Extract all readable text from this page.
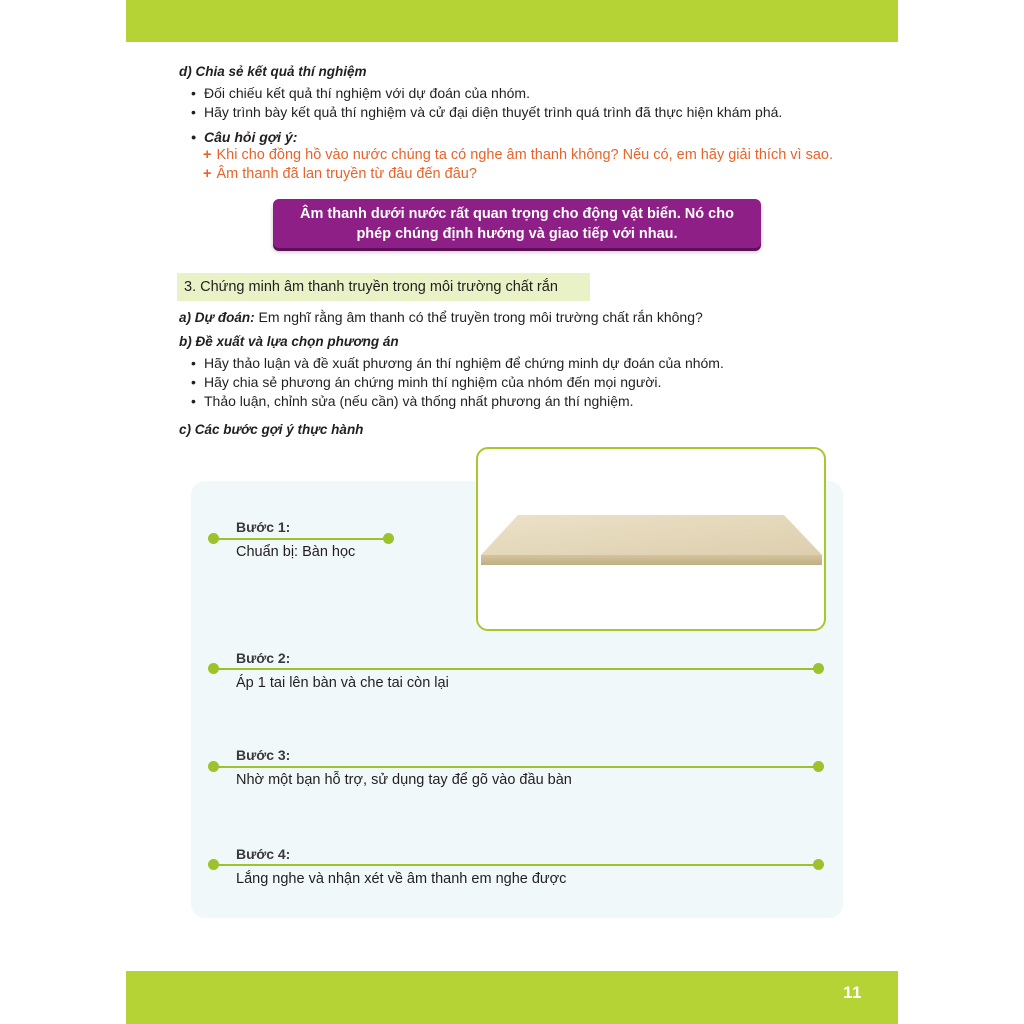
d) Chia sẻ kết quả thí nghiệm
• Đối chiếu kết quả thí nghiệm với dự đoán của nhóm.
• Hãy trình bày kết quả thí nghiệm và cử đại diện thuyết trình quá trình đã thực hiện khám phá.
• Câu hỏi gợi ý:
+ Khi cho đồng hồ vào nước chúng ta có nghe âm thanh không? Nếu có, em hãy giải thích vì sao.
+ Âm thanh đã lan truyền từ đâu đến đâu?
Âm thanh dưới nước rất quan trọng cho động vật biển. Nó cho phép chúng định hướng và giao tiếp với nhau.
3. Chứng minh âm thanh truyền trong môi trường chất rắn
a) Dự đoán: Em nghĩ rằng âm thanh có thể truyền trong môi trường chất rắn không?
b) Đề xuất và lựa chọn phương án
• Hãy thảo luận và đề xuất phương án thí nghiệm để chứng minh dự đoán của nhóm.
• Hãy chia sẻ phương án chứng minh thí nghiệm của nhóm đến mọi người.
• Thảo luận, chỉnh sửa (nếu cần) và thống nhất phương án thí nghiệm.
c) Các bước gợi ý thực hành
Bước 1:
Chuẩn bị: Bàn học
Bước 2:
Áp 1 tai lên bàn và che tai còn lại
Bước 3:
Nhờ một bạn hỗ trợ, sử dụng tay để gõ vào đầu bàn
Bước 4:
Lắng nghe và nhận xét về âm thanh em nghe được
11
